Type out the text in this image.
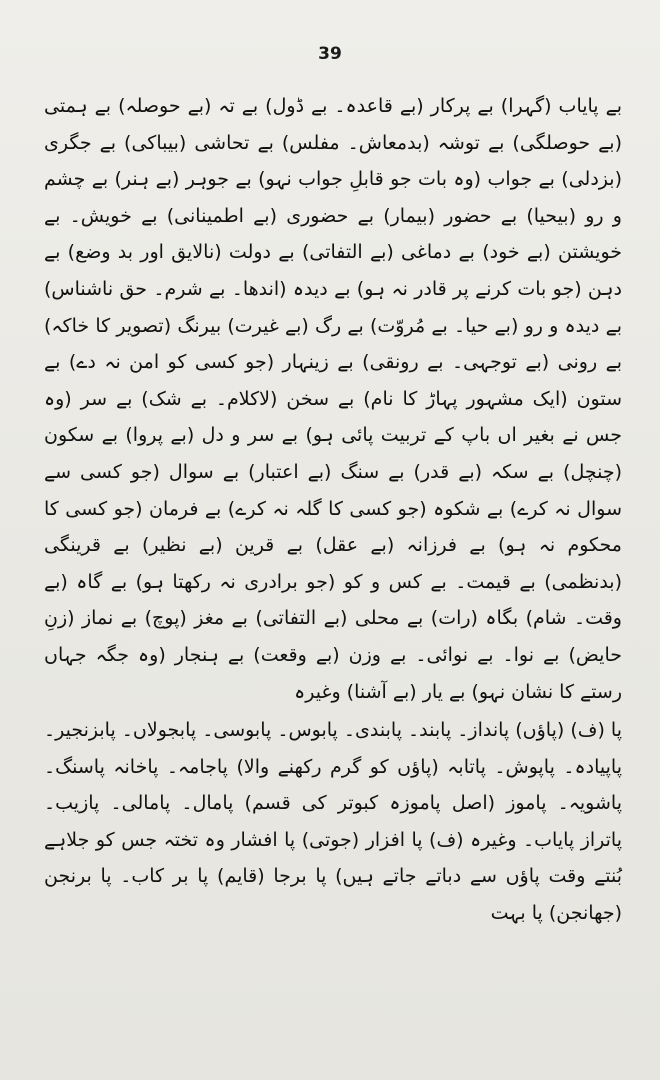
39

بے پایاب (گہرا) بے پرکار (بے قاعدہ۔ بے ڈول) بے تہ (بے حوصلہ) بے ہمتی (بے حوصلگی) بے توشہ (بدمعاش۔ مفلس) بے تحاشی (بیباکی) بے جگری (بزدلی) بے جواب (وہ بات جو قابلِ جواب نہو) بے جوہر (بے ہنر) بے چشم و رو (بیحیا) بے حضور (بیمار) بے حضوری (بے اطمینانی) بے خویش۔ بے خویشتن (بے خود) بے دماغی (بے التفاتی) بے دولت (نالایق اور بد وضع) بے دہن (جو بات کرنے پر قادر نہ ہو) بے دیدہ (اندھا۔ بے شرم۔ حق ناشناس) بے دیدہ و رو (بے حیا۔ بے مُروّت) بے رگ (بے غیرت) بیرنگ (تصویر کا خاکہ) بے رونی (بے توجہی۔ بے رونقی) بے زینہار (جو کسی کو امن نہ دے) بے ستون (ایک مشہور پہاڑ کا نام) بے سخن (لاکلام۔ بے شک) بے سر (وہ جس نے بغیر اں باپ کے تربیت پائی ہو) بے سر و دل (بے پروا) بے سکون (چنچل) بے سکہ (بے قدر) بے سنگ (بے اعتبار) بے سوال (جو کسی سے سوال نہ کرے) بے شکوہ (جو کسی کا گلہ نہ کرے) بے فرمان (جو کسی کا محکوم نہ ہو) بے فرزانہ (بے عقل) بے قرین (بے نظیر) بے قرینگی (بدنظمی) بے قیمت۔ بے کس و کو (جو برادری نہ رکھتا ہو) بے گاہ (بے وقت۔ شام) بگاہ (رات) بے محلی (بے التفاتی) بے مغز (پوچ) بے نماز (زنِ حایض) بے نوا۔ بے نوائی۔ بے وزن (بے وقعت) بے ہنجار (وہ جگہ جہاں رستے کا نشان نہو) بے یار (بے آشنا) وغیرہ

پا (ف) (پاؤں) پانداز۔ پابند۔ پابندی۔ پابوس۔ پابوسی۔ پابجولاں۔ پابزنجیر۔ پاپیادہ۔ پاپوش۔ پاتابہ (پاؤں کو گرم رکھنے والا) پاجامہ۔ پاخانہ پاسنگ۔ پاشویہ۔ پاموز (اصل پاموزہ کبوتر کی قسم) پامال۔ پامالی۔ پازیب۔ پاتراز پایاب۔ وغیرہ (ف) پا افزار (جوتی) پا افشار وہ تختہ جس کو جلاہے بُنتے وقت پاؤں سے دباتے جاتے ہیں) پا برجا (قایم) پا بر کاب۔ پا برنجن (جھانجن) پا بہت
